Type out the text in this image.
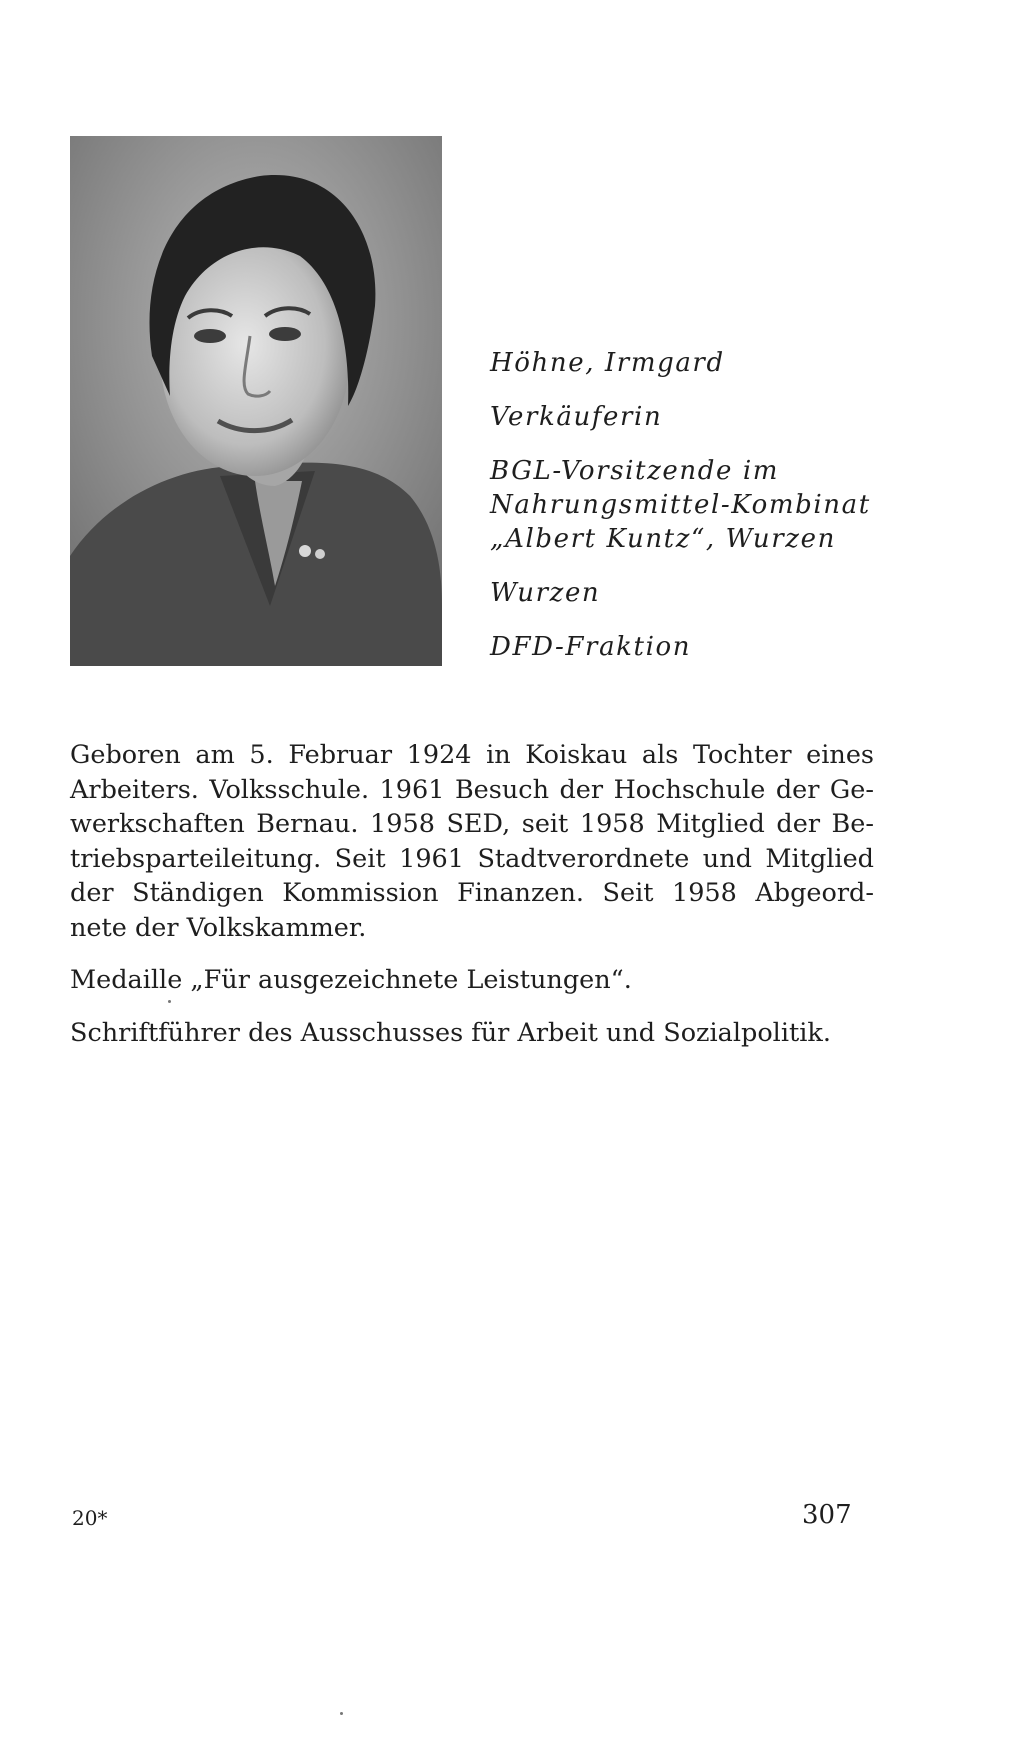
Höhne, Irmgard
Verkäuferin
BGL-Vorsitzende im
Nahrungsmittel-Kombinat
„Albert Kuntz“, Wurzen
Wurzen
DFD-Fraktion

Geboren am 5. Februar 1924 in Koiskau als Tochter eines
Arbeiters. Volksschule. 1961 Besuch der Hochschule der Ge-
werkschaften Bernau. 1958 SED, seit 1958 Mitglied der Be-
triebsparteileitung. Seit 1961 Stadtverordnete und Mitglied
der Ständigen Kommission Finanzen. Seit 1958 Abgeord-
nete der Volkskammer.

Medaille „Für ausgezeichnete Leistungen“.

Schriftführer des Ausschusses für Arbeit und Sozialpolitik.

20*	307
